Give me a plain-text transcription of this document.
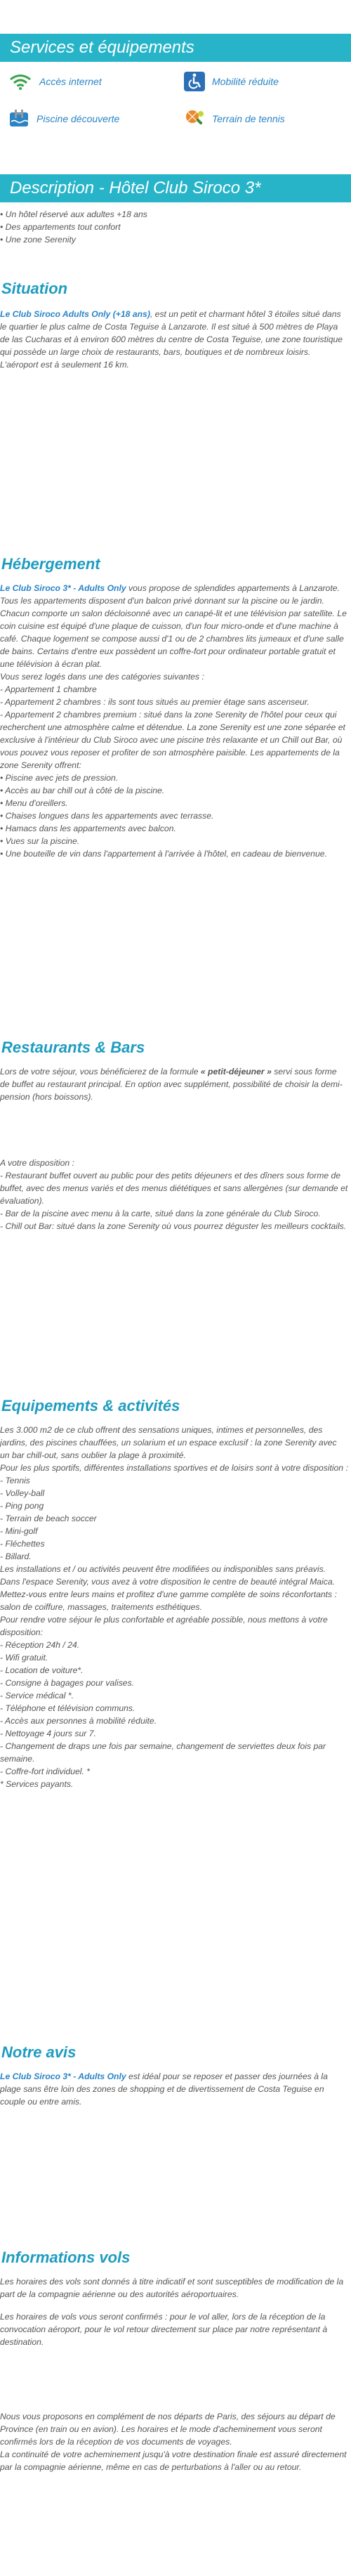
Services et équipements
Accès internet	Mobilité réduite
Piscine découverte	Terrain de tennis
Description - Hôtel Club Siroco 3*

• Un hôtel réservé aux adultes +18 ans

• Des appartements tout confort

• Une zone Serenity

Situation

Le Club Siroco Adults Only (+18 ans), est un petit et charmant hôtel 3 étoiles situé dans le quartier le plus calme de Costa Teguise à Lanzarote. Il est situé à 500 mètres de Playa de las Cucharas et à environ 600 mètres du centre de Costa Teguise, une zone touristique qui possède un large choix de restaurants, bars, boutiques et de nombreux loisirs. L'aéroport est à seulement 16 km.

Hébergement

Le Club Siroco 3* - Adults Only vous propose de splendides appartements à Lanzarote. Tous les appartements disposent d'un balcon privé donnant sur la piscine ou le jardin. Chacun comporte un salon décloisonné avec un canapé-lit et une télévision par satellite. Le coin cuisine est équipé d'une plaque de cuisson, d'un four micro-onde et d'une machine à café. Chaque logement se compose aussi d'1 ou de 2 chambres lits jumeaux et d'une salle de bains. Certains d'entre eux possèdent un coffre-fort pour ordinateur portable gratuit et une télévision à écran plat.

Vous serez logés dans une des catégories suivantes :

- Appartement 1 chambre

- Appartement 2 chambres : ils sont tous situés au premier étage sans ascenseur.

- Appartement 2 chambres premium : situé dans la zone Serenity de l'hôtel pour ceux qui recherchent une atmosphère calme et détendue. La zone Serenity est une zone séparée et exclusive à l'intérieur du Club Siroco avec une piscine très relaxante et un Chill out Bar, où vous pouvez vous reposer et profiter de son atmosphère paisible. Les appartements de la zone Serenity offrent:

• Piscine avec jets de pression.

• Accès au bar chill out à côté de la piscine.

• Menu d'oreillers.

• Chaises longues dans les appartements avec terrasse.

• Hamacs dans les appartements avec balcon.

• Vues sur la piscine.

• Une bouteille de vin dans l'appartement à l'arrivée à l'hôtel, en cadeau de bienvenue.

Restaurants & Bars

Lors de votre séjour, vous bénéficierez de la formule « petit-déjeuner » servi sous forme de buffet au restaurant principal. En option avec supplément, possibilité de choisir la demi-pension (hors boissons).

A votre disposition :

- Restaurant buffet ouvert au public pour des petits déjeuners et des dîners sous forme de buffet, avec des menus variés et des menus diététiques et sans allergènes (sur demande et évaluation).

- Bar de la piscine avec menu à la carte, situé dans la zone générale du Club Siroco.

- Chill out Bar: situé dans la zone Serenity où vous pourrez déguster les meilleurs cocktails.

Equipements & activités

Les 3.000 m2 de ce club offrent des sensations uniques, intimes et personnelles, des jardins, des piscines chauffées, un solarium et un espace exclusif : la zone Serenity avec un bar chill-out, sans oublier la plage à proximité.

Pour les plus sportifs, différentes installations sportives et de loisirs sont à votre disposition :

- Tennis

- Volley-ball

- Ping pong

- Terrain de beach soccer

- Mini-golf

- Fléchettes

- Billard.

Les installations et / ou activités peuvent être modifiées ou indisponibles sans préavis.

Dans l'espace Serenity, vous avez à votre disposition le centre de beauté intégral Maica. Mettez-vous entre leurs mains et profitez d'une gamme complète de soins réconfortants : salon de coiffure, massages, traitements esthétiques.

Pour rendre votre séjour le plus confortable et agréable possible, nous mettons à votre disposition:

- Réception 24h / 24.

- Wifi gratuit.

- Location de voiture*.

- Consigne à bagages pour valises.

- Service médical *.

- Téléphone et télévision communs.

- Accès aux personnes à mobilité réduite.

- Nettoyage 4 jours sur 7.

- Changement de draps une fois par semaine, changement de serviettes deux fois par semaine.

- Coffre-fort individuel. *

* Services payants.

Notre avis

Le Club Siroco 3* - Adults Only est idéal pour se reposer et passer des journées à la plage sans être loin des zones de shopping et de divertissement de Costa Teguise en couple ou entre amis.

Informations vols

Les horaires des vols sont donnés à titre indicatif et sont susceptibles de modification de la part de la compagnie aérienne ou des autorités aéroportuaires.

Les horaires de vols vous seront confirmés : pour le vol aller, lors de la réception de la convocation aéroport, pour le vol retour directement sur place par notre représentant à destination.

Nous vous proposons en complément de nos départs de Paris, des séjours au départ de Province (en train ou en avion). Les horaires et le mode d'acheminement vous seront confirmés lors de la réception de vos documents de voyages.

La continuité de votre acheminement jusqu'à votre destination finale est assuré directement par la compagnie aérienne, même en cas de perturbations à l'aller ou au retour.
